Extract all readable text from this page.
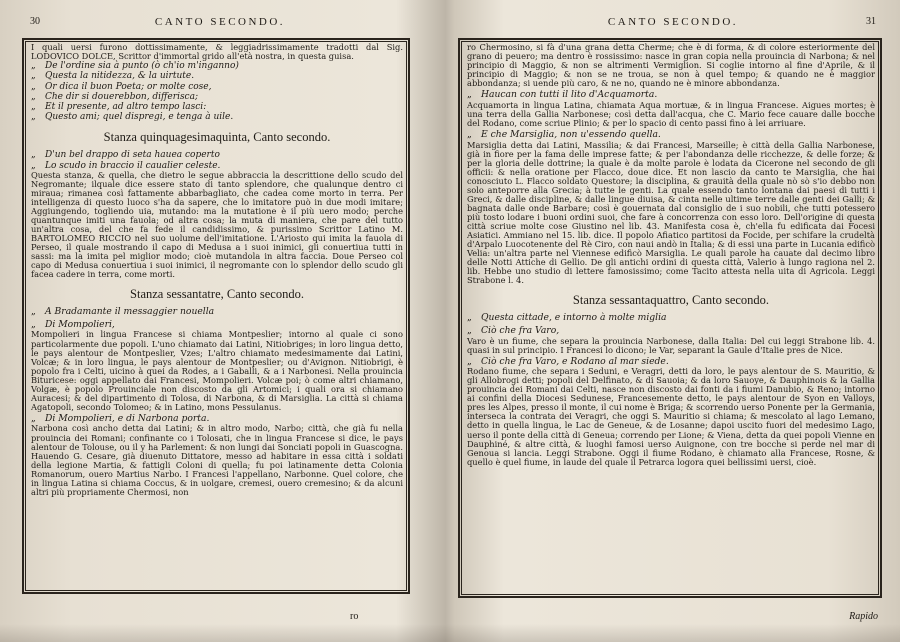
30	CANTO SECONDO.

I quali uersi furono dottissimamente, & leggiadrissimamente tradotti dal Sig. LODOVICO DOLCE, Scrittor d'immortal grido all'età nostra, in questa guisa.

„ De l'ordine sia à punto (ò ch'io m'inganno)
„ Questa la nitidezza, & la uirtute.
„ Or dica il buon Poeta; or molte cose,
„ Che dir si douerebbon, differisca;
„ Et il presente, ad altro tempo lasci:
„ Questo ami; quel dispregi, e tenga à uile.
Stanza quinquagesimaquinta, Canto secondo.
„ D'un bel drappo di seta hauea coperto
„ Lo scudo in braccio il caualier celeste.

Questa stanza, & quella, che dietro le segue abbraccia la descrittione dello scudo del Negromante; ilquale dice essere stato di tanto splendore, che qualunque dentro ci miraua; rimanea così fattamente abbarbagliato, che cadea come morto in terra. Per intelligenza di questo luoco s'ha da sapere, che lo imitatore può in due modi imitare; Aggiungendo, togliendo uia, mutando: ma la mutatione è il più uero modo; perche quantunque imiti una fauola; od altra cosa; la muta di maniera, che pare del tutto un'altra cosa, del che fa fede il candidissimo, & purissimo Scrittor Latino M. BARTOLOMEO RICCIO nel suo uolume dell'imitatione. L'Ariosto qui imita la fauola di Perseo, il quale mostrando il capo di Medusa a i suoi inimici, gli conuertiua tutti in sassi: ma la imita pel miglior modo; cioè mutandola in altra faccia. Doue Perseo col capo di Medusa conuertiua i suoi inimici, il negromante con lo splendor dello scudo gli facea cadere in terra, come morti.

Stanza sessantatre, Canto secondo.
„ A Bradamante il messaggier nouella
„ Di Mompolieri,

Mompolieri in lingua Francese si chiama Montpeslier; intorno al quale ci sono particolarmente due popoli. L'uno chiamato dai Latini, Nitiobriges; in loro lingua detto, le pays alentour de Montpeslier, Vzes; L'altro chiamato medesimamente dai Latini, Volcæ; & in loro lingua, le pays alentour de Montpeslier; ou d'Avignon. Nitiobrigi, è popolo fra i Celti, uicino à quei da Rodes, a i Gaballi, & a i Narbonesi. Nella prouincia Bituricese: oggi appellato dai Francesi, Mompolieri. Volcæ poi; ò come altri chiamano, Volgæ, è popolo Prouinciale non discosto da gli Artomici; i quali ora si chiamano Auracesi; & del dipartimento di Tolosa, di Narbona, & di Marsiglia. La città si chiama Agatopoli, secondo Tolomeo; & in Latino, mons Pessulanus.

„ Di Mompolieri, e di Narbona porta.

Narbona così ancho detta dai Latini; & in altro modo, Narbo; città, che già fu nella prouincia dei Romani; confinante co i Tolosati, che in lingua Francese si dice, le pays alentour de Tolouse, ou il y ha Parlement: & non lungi dai Sonciati popoli in Guascogna. Hauendo G. Cesare, già diuenuto Dittatore, messo ad habitare in essa città i soldati della legione Martia, & fattigli Coloni di quella; fu poi latinamente detta Colonia Romanorum, ouero Martius Narbo. I Francesi l'appellano, Narbonne. Quel colore, che in lingua Latina si chiama Coccus, & in uolgare, cremesi, ouero cremesino; & da alcuni altri più propriamente Chermosi, non

ro
CANTO SECONDO.	31

ro Chermosino, si fà d'una grana detta Cherme; che è di forma, & di colore esteriormente del grano di peuero; ma dentro è rossissimo: nasce in gran copia nella prouincia di Narbona; & nel principio di Maggio, & non se altrimenti Vermiglion. Si coglie intorno al fine d'Aprile, & il principio di Maggio; & non se ne troua, se non à quel tempo; & quando ne è maggior abbondanza; si uende più caro, & ne no, quando ne è minore abbondanza.

„ Haucan con tutti il lito d'Acquamorta.

Acquamorta in lingua Latina, chiamata Aqua mortuæ, & in lingua Francese. Aigues mortes; è una terra della Gallia Narbonese; così detta dall'acqua, che C. Mario fece cauare dalle bocche del Rodano, come scriue Plinio; & per lo spacio di cento passi fino à lei arriuare.

„ E che Marsiglia, non u'essendo quella.

Marsiglia detta dai Latini, Massilia; & dai Francesi, Marseille; è città della Gallia Narbonese, già in fiore per la fama delle imprese fatte; & per l'abondanza delle ricchezze, & delle forze; & per la gloria delle dottrine; la quale è da molte parole è lodata da Cicerone nel secondo de gli officii: & nella oratione per Flacco, doue dice. Et non lascio da canto te Marsiglia, che hai conosciuto L. Flacco soldato Questore; la disciplina, & grauità della quale nò sò s'io debbo non solo anteporre alla Grecia; à tutte le genti. La quale essendo tanto lontana dai paesi di tutti i Greci, & dalle discipline, & dalle lingue diuisa, & cinta nelle ultime terre dalle genti dei Galli; & bagnata dalle onde Barbare; così è gouernata dal consiglio de i suo nobili, che tutti potessero più tosto lodare i buoni ordini suoi, che fare à concorrenza con esso loro. Dell'origine di questa città scriue molte cose Giustino nel lib. 43. Manifesta cosa è, ch'ella fu edificata dai Focesi Asiatici. Ammiano nel 15. lib. dice. Il popolo Afiatico partitosi da Focide, per schifare la crudeltà d'Arpalo Luocotenente del Rè Ciro, con naui andò in Italia; & di essi una parte in Lucania edificò Velia: un'altra parte nel Viennese edificò Marsiglia. Le quali parole ha cauate dal decimo libro delle Notti Attiche di Gellio. De gli antichi ordini di questa città, Valerio à lungo ragiona nel 2. lib. Hebbe uno studio di lettere famosissimo; come Tacito attesta nella uita di Agricola. Leggi Strabone l. 4.

Stanza sessantaquattro, Canto secondo.
„ Questa cittade, e intorno à molte miglia
„ Ciò che fra Varo,

Varo è un fiume, che separa la prouincia Narbonese, dalla Italia: Del cui leggi Strabone lib. 4. quasi in sul principio. I Francesi lo dicono; le Var, separant la Gaule d'Italie pres de Nice.

„ Ciò che fra Varo, e Rodano al mar siede.

Rodano fiume, che separa i Seduni, e Veragri, detti da loro, le pays alentour de S. Mauritio, & gli Allobrogi detti; popoli del Delfinato, & di Sauoia; & da loro Sauoye, & Dauphinois & la Gallia prouincia dei Romani dai Celti, nasce non discosto dai fonti da i fiumi Danubio, & Reno; intorno ai confini della Diocesi Sedunese, Francesemente detto, le pays alentour de Syon en Valloys, pres les Alpes, presso il monte, il cui nome è Briga; & scorrendo uerso Ponente per la Germania, interseca la contrata dei Veragri, che oggi S. Mauritio si chiama; & mescolato al lago Lemano, detto in quella lingua, le Lac de Geneue, & de Losanne; dapoi uscito fuori del medesimo Lago, uerso il ponte della città di Geneua; correndo per Lione; & Viena, detta da quei popoli Vienne en Dauphiné, & altre città, & luoghi famosi uerso Auignone, con tre bocche si perde nel mar di Genoua si lancia. Leggi Strabone. Oggi il fiume Rodano, è chiamato alla Francese, Rosne, & quello è quel fiume, in laude del quale il Petrarca logora quei bellissimi uersi, cioè.

Rapido
